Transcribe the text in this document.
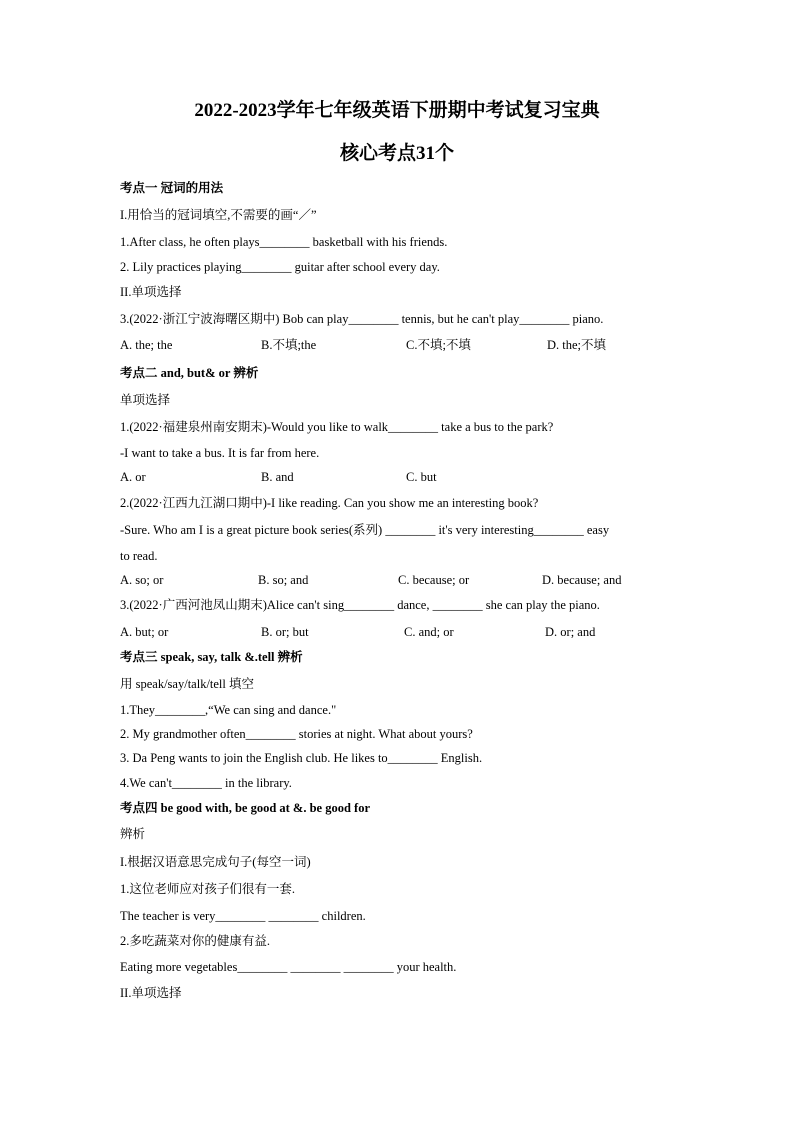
2022-2023学年七年级英语下册期中考试复习宝典
核心考点31个
考点一 冠词的用法
I.用恰当的冠词填空,不需要的画“／”
1.After class, he often plays________ basketball with his friends.
2. Lily practices playing________ guitar after school every day.
II.单项选择
3.(2022·浙江宁波海曙区期中) Bob can play________ tennis, but he can't play________ piano.
A. the; the	B.不填;the	C.不填;不填	D. the;不填
考点二 and, but& or 辨析
单项选择
1.(2022·福建泉州南安期末)-Would you like to walk________ take a bus to the park?
-I want to take a bus. It is far from here.
A. or	B. and	C. but
2.(2022·江西九江湖口期中)-I like reading. Can you show me an interesting book?
-Sure. Who am I is a great picture book series(系列) ________ it's very interesting________ easy
to read.
A. so; or	B. so; and	C. because; or	D. because; and
3.(2022·广西河池凤山期末)Alice can't sing________ dance, ________ she can play the piano.
A. but; or	B. or; but	C. and; or	D. or; and
考点三 speak, say, talk &.tell 辨析
用 speak/say/talk/tell 填空
1.They________,“We can sing and dance."
2. My grandmother often________ stories at night. What about yours?
3. Da Peng wants to join the English club. He likes to________ English.
4.We can't________ in the library.
考点四 be good with, be good at &. be good for
辨析
I.根据汉语意思完成句子(每空一词)
1.这位老师应对孩子们很有一套.
The teacher is very________ ________ children.
2.多吃蔬菜对你的健康有益.
Eating more vegetables________ ________ ________ your health.
II.单项选择
